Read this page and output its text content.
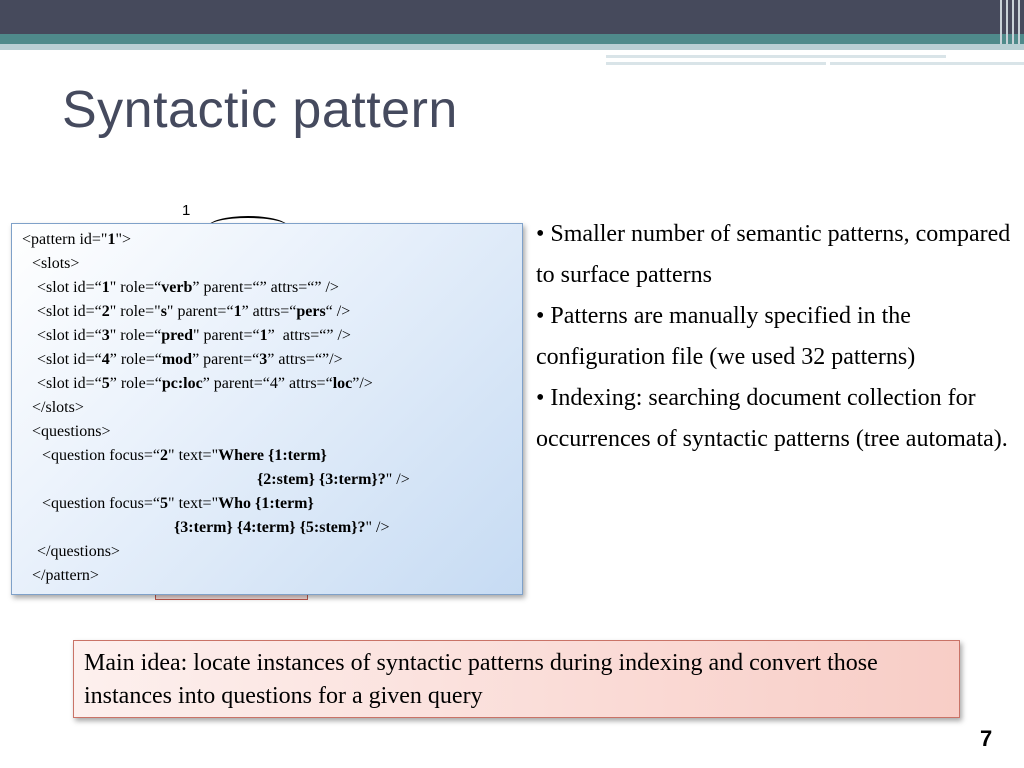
Syntactic pattern
1
<pattern id="1">
<slots>
<slot id=“1" role=“verb” parent=“” attrs=“” />
<slot id=“2" role="s" parent=“1” attrs=“pers“ />
<slot id=“3" role=“pred" parent=“1”  attrs=“” />
<slot id=“4” role=“mod” parent=“3” attrs=“”/>
<slot id=“5” role=“pc:loc” parent=“4” attrs=“loc”/>
</slots>
<questions>
<question focus=“2" text="Where {1:term}
{2:stem} {3:term}?" />
<question focus=“5" text="Who {1:term}
{3:term} {4:term} {5:stem}?" />
</questions>
</pattern>

• Smaller number of semantic patterns, compared to surface patterns

• Patterns are manually specified in the configuration file (we used 32 patterns)

• Indexing: searching document collection for occurrences of syntactic patterns (tree automata).

Main idea: locate instances of syntactic patterns during indexing and convert those instances into questions for a given query
7
